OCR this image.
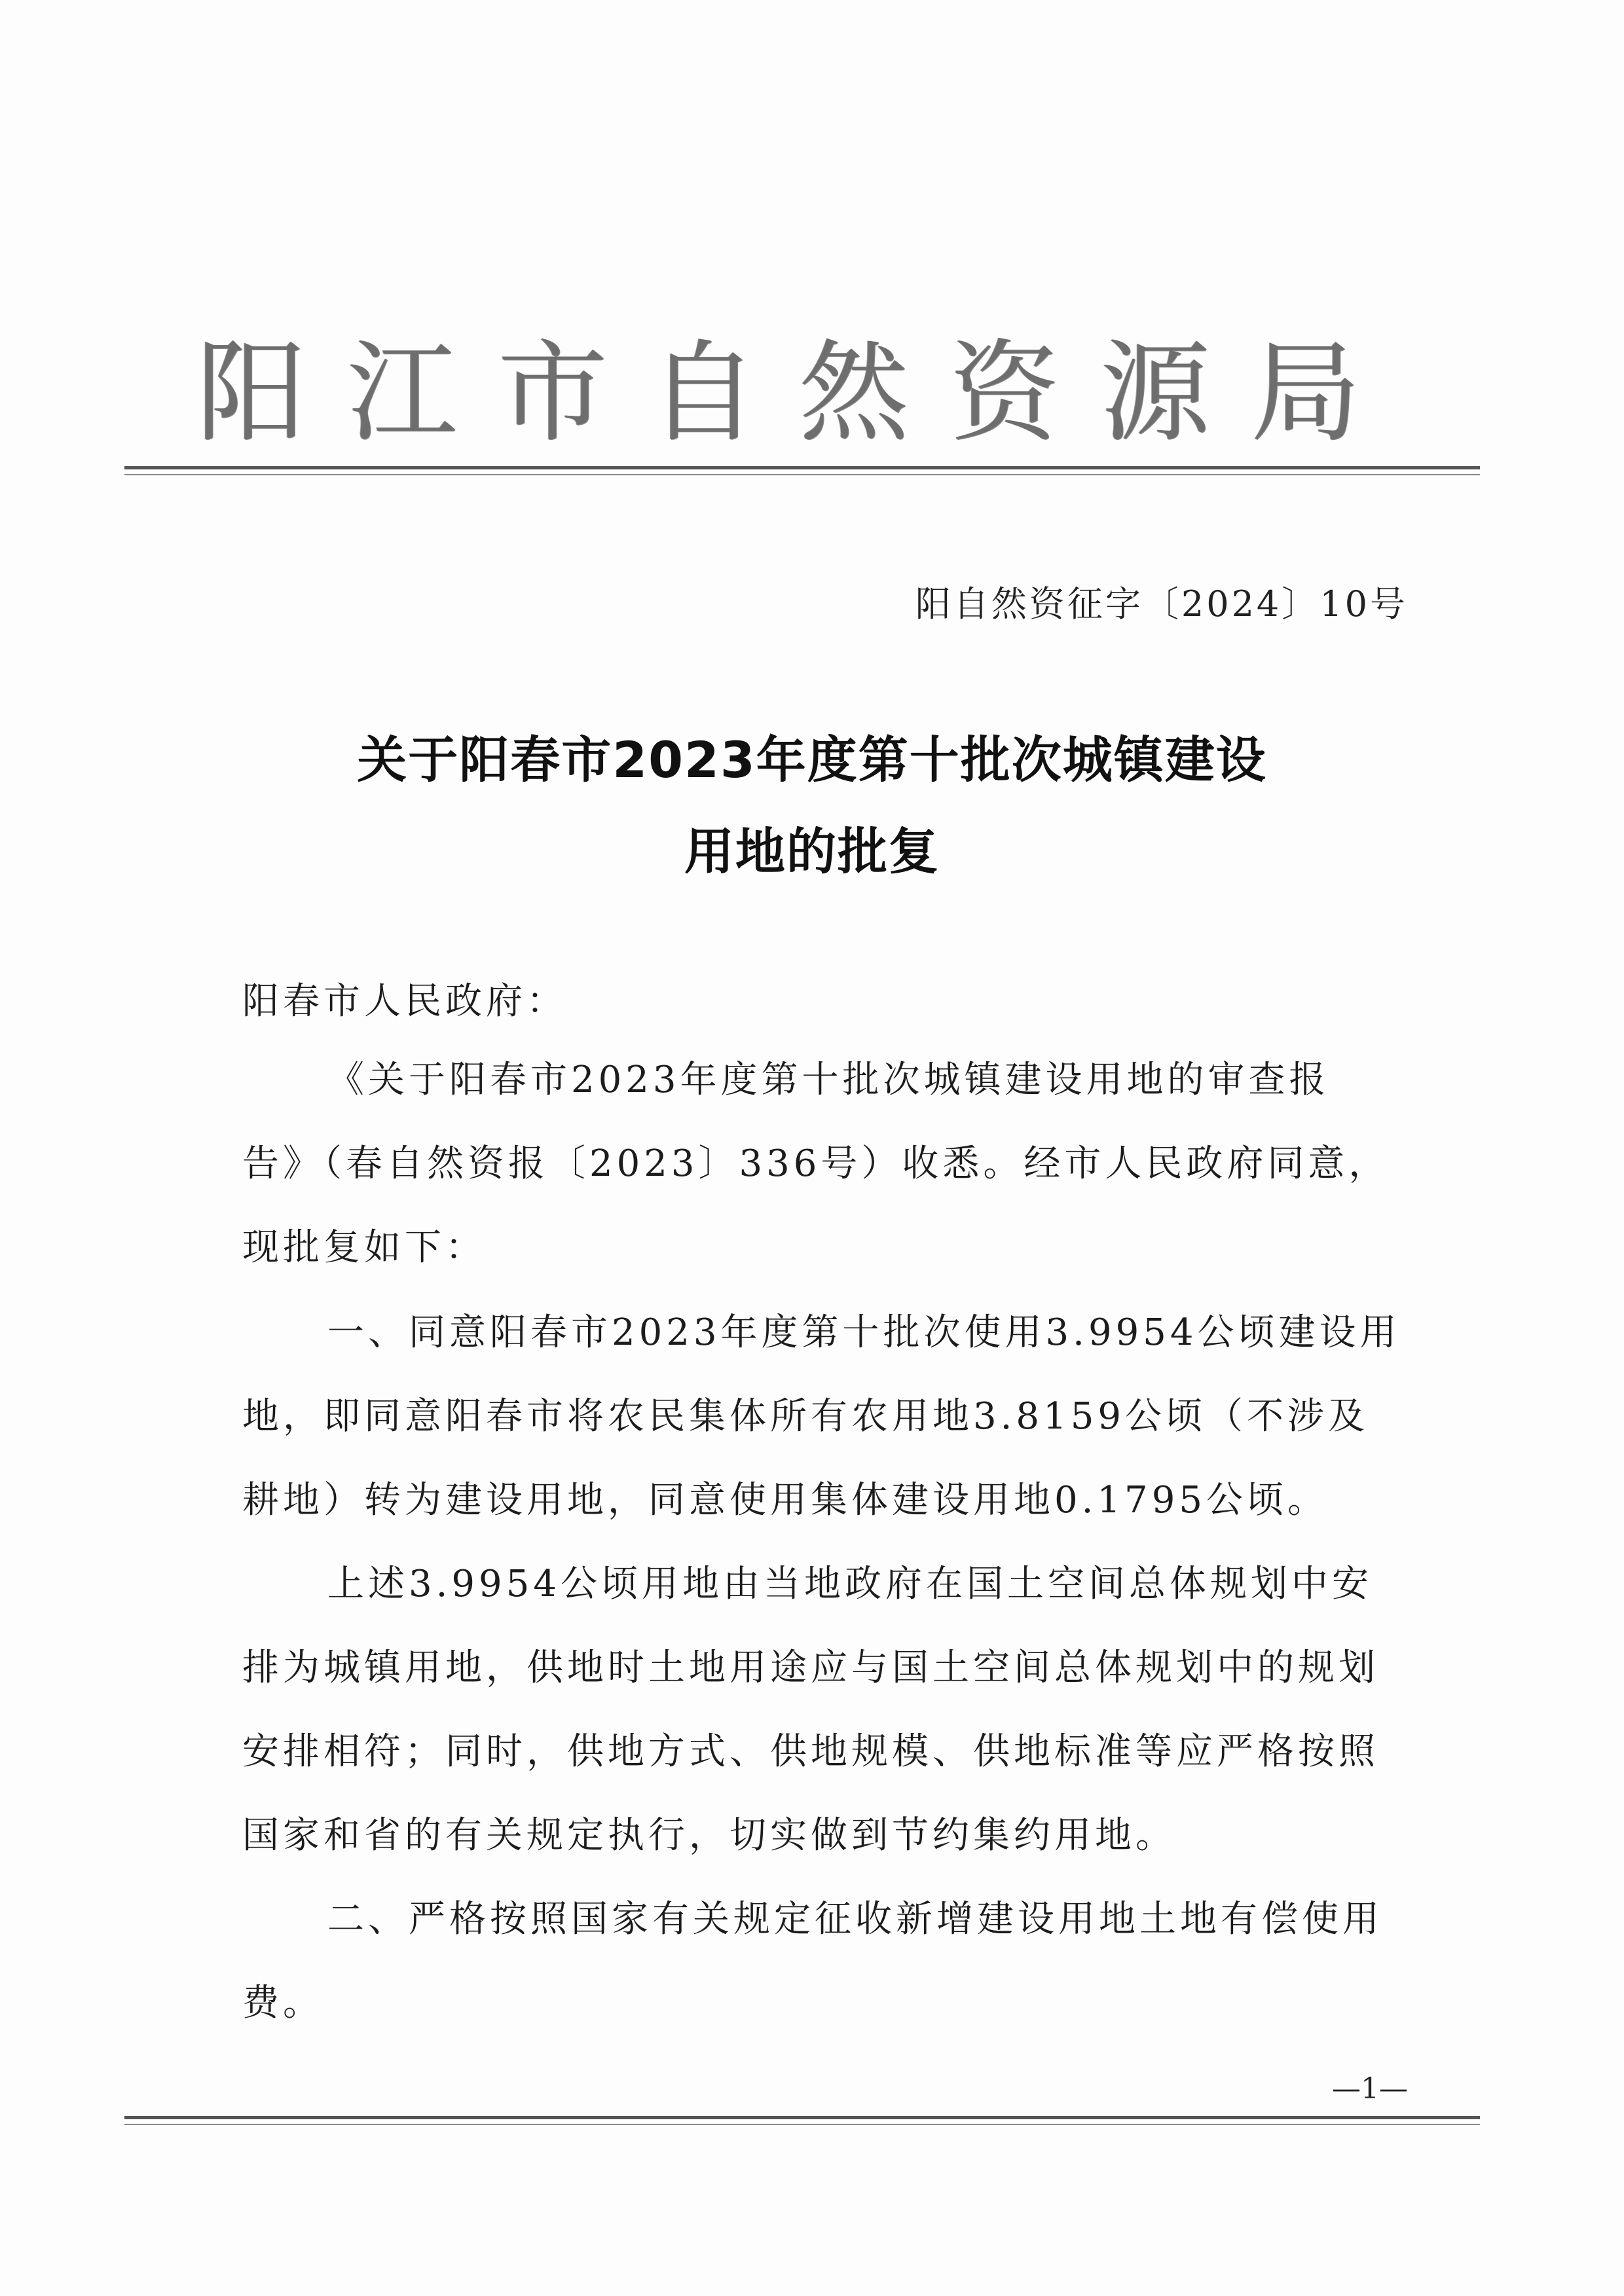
阳江市自然资源局
阳自然资征字〔2024〕10号
关于阳春市2023年度第十批次城镇建设
用地的批复
阳春市人民政府：
《关于阳春市2023年度第十批次城镇建设用地的审查报
告》（春自然资报〔2023〕336号）收悉。经市人民政府同意，
现批复如下：
一、同意阳春市2023年度第十批次使用3.9954公顷建设用
地，即同意阳春市将农民集体所有农用地3.8159公顷（不涉及
耕地）转为建设用地，同意使用集体建设用地0.1795公顷。
上述3.9954公顷用地由当地政府在国土空间总体规划中安
排为城镇用地，供地时土地用途应与国土空间总体规划中的规划
安排相符；同时，供地方式、供地规模、供地标准等应严格按照
国家和省的有关规定执行，切实做到节约集约用地。
二、严格按照国家有关规定征收新增建设用地土地有偿使用
费。
—1—
